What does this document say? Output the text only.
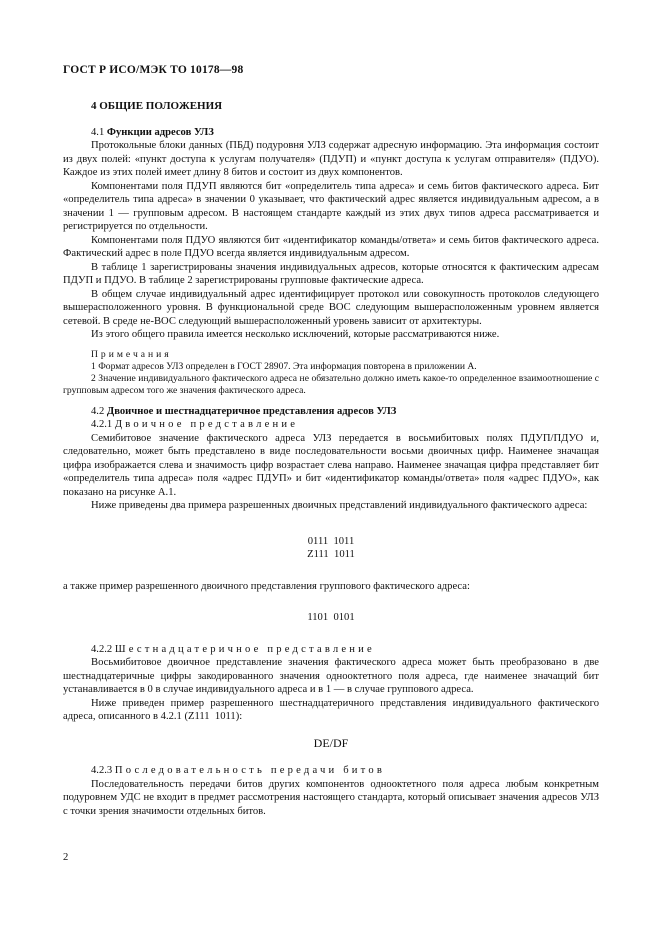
ГОСТ Р ИСО/МЭК ТО 10178—98

4 ОБЩИЕ ПОЛОЖЕНИЯ
4.1 Функции адресов УЛЗ

Протокольные блоки данных (ПБД) подуровня УЛЗ содержат адресную информацию. Эта информация состоит из двух полей: «пункт доступа к услугам получателя» (ПДУП) и «пункт доступа к услугам отправителя» (ПДУО). Каждое из этих полей имеет длину 8 битов и состоит из двух компонентов.

Компонентами поля ПДУП являются бит «определитель типа адреса» и семь битов фактического адреса. Бит «определитель типа адреса» в значении 0 указывает, что фактический адрес является индивидуальным адресом, а в значении 1 — групповым адресом. В настоящем стандарте каждый из этих двух типов адреса рассматривается и регистрируется по отдельности.

Компонентами поля ПДУО являются бит «идентификатор команды/ответа» и семь битов фактического адреса. Фактический адрес в поле ПДУО всегда является индивидуальным адресом.

В таблице 1 зарегистрированы значения индивидуальных адресов, которые относятся к фактическим адресам ПДУП и ПДУО. В таблице 2 зарегистрированы групповые фактические адреса.

В общем случае индивидуальный адрес идентифицирует протокол или совокупность протоколов следующего вышерасположенного уровня. В функциональной среде ВОС следующим вышерасположенным уровнем является сетевой. В среде не-ВОС следующий вышерасположенный уровень зависит от архитектуры.

Из этого общего правила имеется несколько исключений, которые рассматриваются ниже.

Примечания

1 Формат адресов УЛЗ определен в ГОСТ 28907. Эта информация повторена в приложении А.

2 Значение индивидуального фактического адреса не обязательно должно иметь какое-то определенное взаимоотношение с групповым адресом того же значения фактического адреса.

4.2 Двоичное и шестнадцатеричное представления адресов УЛЗ
4.2.1 Двоичное представление

Семибитовое значение фактического адреса УЛЗ передается в восьмибитовых полях ПДУП/ПДУО и, следовательно, может быть представлено в виде последовательности восьми двоичных цифр. Наименее значащая цифра изображается слева и значимость цифр возрастает слева направо. Наименее значащая цифра представляет бит «определитель типа адреса» поля «адрес ПДУП» и бит «идентификатор команды/ответа» поля «адрес ПДУО», как показано на рисунке А.1.

Ниже приведены два примера разрешенных двоичных представлений индивидуального фактического адреса:

0111  1011

Z111  1011

а также пример разрешенного двоичного представления группового фактического адреса:

1101  0101

4.2.2 Шестнадцатеричное представление

Восьмибитовое двоичное представление значения фактического адреса может быть преобразовано в две шестнадцатеричные цифры закодированного значения однооктетного поля адреса, где наименее значащий бит устанавливается в 0 в случае индивидуального адреса и в 1 — в случае группового адреса.

Ниже приведен пример разрешенного шестнадцатеричного представления индивидуального фактического адреса, описанного в 4.2.1 (Z111  1011):

DE/DF

4.2.3 Последовательность передачи битов

Последовательность передачи битов других компонентов однооктетного поля адреса любым конкретным подуровнем УДС не входит в предмет рассмотрения настоящего стандарта, который описывает значения адресов УЛЗ с точки зрения значимости отдельных битов.

2
